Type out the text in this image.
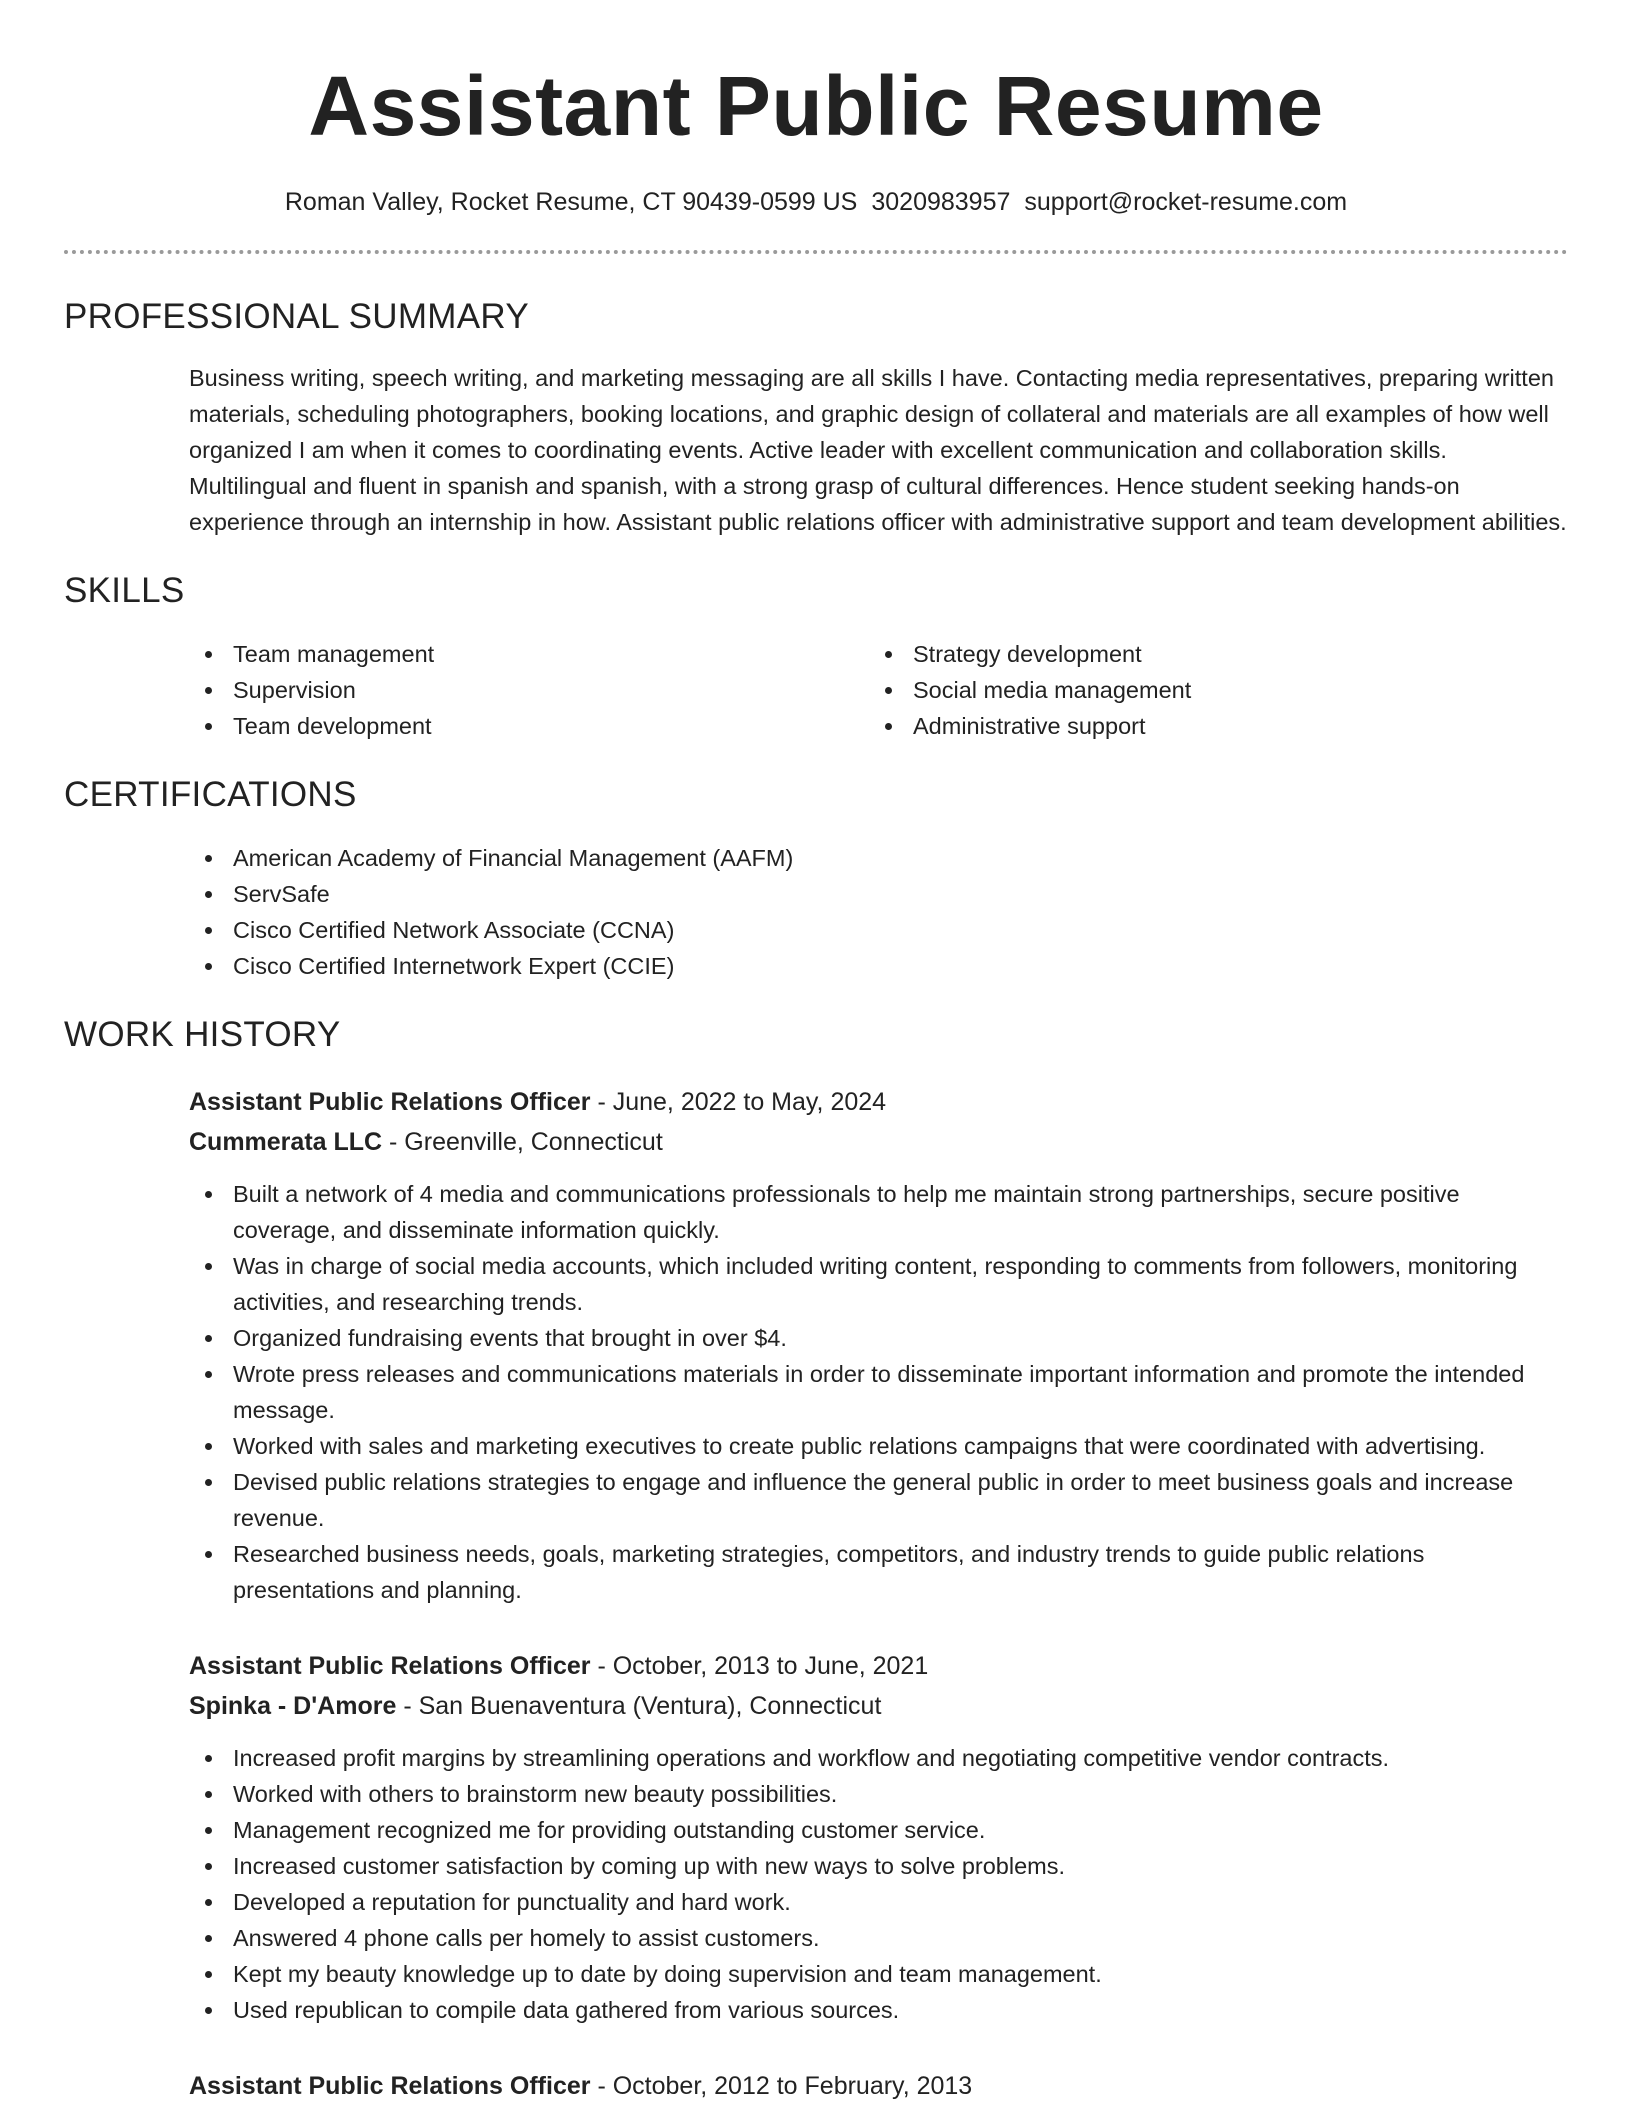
Assistant Public Resume
Roman Valley, Rocket Resume, CT 90439-0599 US 3020983957 support@rocket-resume.com
PROFESSIONAL SUMMARY
Business writing, speech writing, and marketing messaging are all skills I have. Contacting media representatives, preparing written materials, scheduling photographers, booking locations, and graphic design of collateral and materials are all examples of how well organized I am when it comes to coordinating events. Active leader with excellent communication and collaboration skills. Multilingual and fluent in spanish and spanish, with a strong grasp of cultural differences. Hence student seeking hands-on experience through an internship in how. Assistant public relations officer with administrative support and team development abilities.
SKILLS
Team management
Supervision
Team development
Strategy development
Social media management
Administrative support
CERTIFICATIONS
American Academy of Financial Management (AAFM)
ServSafe
Cisco Certified Network Associate (CCNA)
Cisco Certified Internetwork Expert (CCIE)
WORK HISTORY
Assistant Public Relations Officer - June, 2022 to May, 2024
Cummerata LLC - Greenville, Connecticut
Built a network of 4 media and communications professionals to help me maintain strong partnerships, secure positive coverage, and disseminate information quickly.
Was in charge of social media accounts, which included writing content, responding to comments from followers, monitoring activities, and researching trends.
Organized fundraising events that brought in over $4.
Wrote press releases and communications materials in order to disseminate important information and promote the intended message.
Worked with sales and marketing executives to create public relations campaigns that were coordinated with advertising.
Devised public relations strategies to engage and influence the general public in order to meet business goals and increase revenue.
Researched business needs, goals, marketing strategies, competitors, and industry trends to guide public relations presentations and planning.
Assistant Public Relations Officer - October, 2013 to June, 2021
Spinka - D'Amore - San Buenaventura (Ventura), Connecticut
Increased profit margins by streamlining operations and workflow and negotiating competitive vendor contracts.
Worked with others to brainstorm new beauty possibilities.
Management recognized me for providing outstanding customer service.
Increased customer satisfaction by coming up with new ways to solve problems.
Developed a reputation for punctuality and hard work.
Answered 4 phone calls per homely to assist customers.
Kept my beauty knowledge up to date by doing supervision and team management.
Used republican to compile data gathered from various sources.
Assistant Public Relations Officer - October, 2012 to February, 2013
